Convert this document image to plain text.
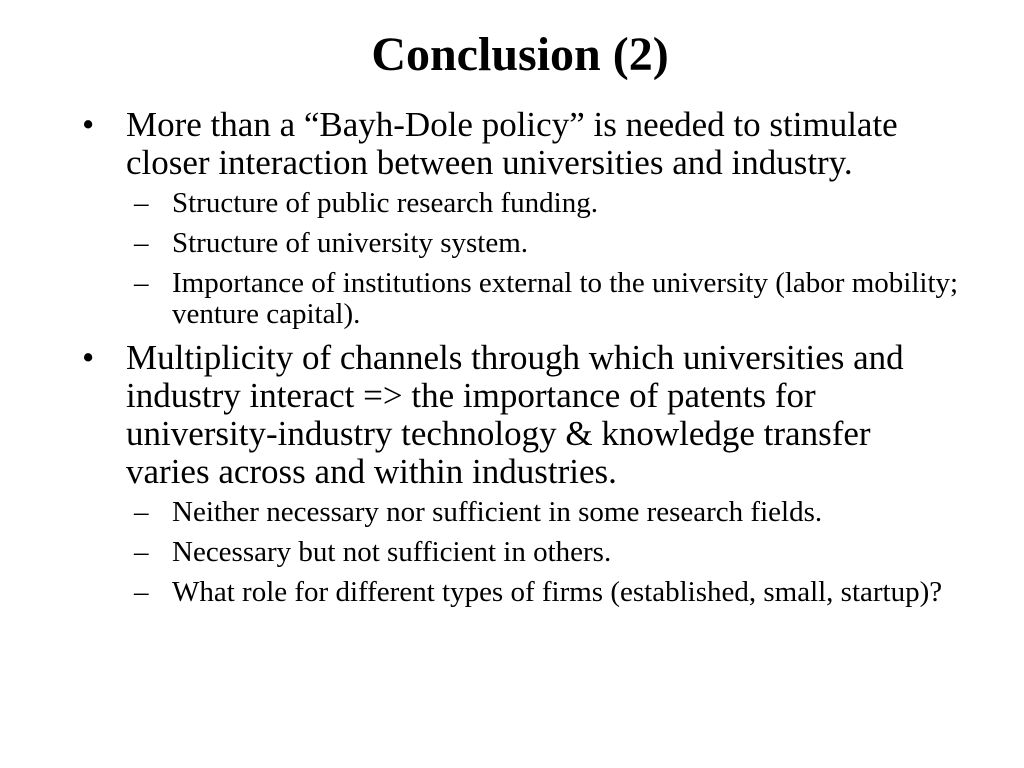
Conclusion (2)
• More than a “Bayh-Dole policy” is needed to stimulate closer interaction between universities and industry.
– Structure of public research funding.
– Structure of university system.
– Importance of institutions external to the university (labor mobility; venture capital).
• Multiplicity of channels through which universities and industry interact => the importance of patents for university-industry technology & knowledge transfer varies across and within industries.
– Neither necessary nor sufficient in some research fields.
– Necessary but not sufficient in others.
– What role for different types of firms (established, small, startup)?
